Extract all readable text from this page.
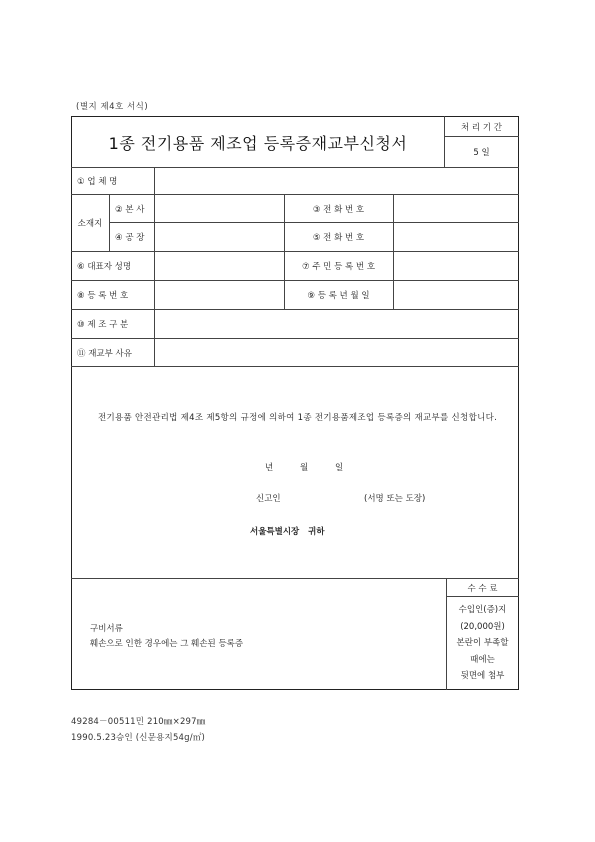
(별지 제4호 서식)
1종 전기용품 제조업 등록증재교부신청서
처 리 기 간
5 일
① 업 체 명
소재지
② 본 사	③ 전 화 번 호
④ 공 장	⑤ 전 화 번 호
⑥ 대표자 성명	⑦ 주 민 등 록 번 호
⑧ 등 록 번 호	⑨ 등 록 년 월 일
⑩ 제 조 구 분
⑪ 재교부 사유
전기용품 안전관리법 제4조 제5항의 규정에 의하여 1종 전기용품제조업 등록증의 재교부를 신청합니다.
년	월	일
신고인	(서명 또는 도장)
서울특별시장   귀하
구비서류
훼손으로 인한 경우에는 그 훼손된 등록증
수 수 료
수입인(증)지
(20,000원)
본란이 부족할
때에는
뒷면에 첨부
49284－00511민 210㎜×297㎜
1990.5.23승인 (신문용지54g/㎡)
